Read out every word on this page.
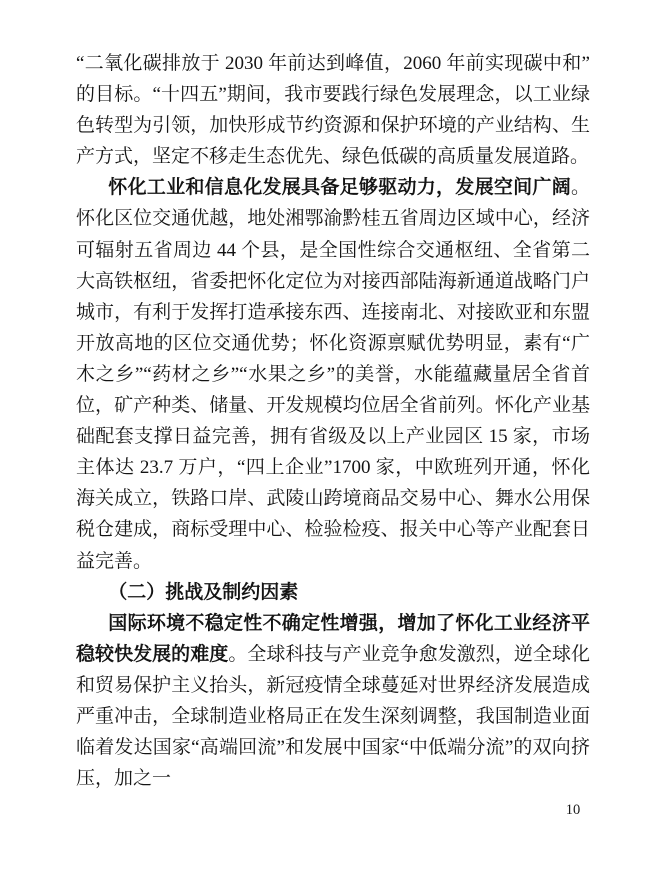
“二氧化碳排放于 2030 年前达到峰值，2060 年前实现碳中和”的目标。“十四五”期间，我市要践行绿色发展理念，以工业绿色转型为引领，加快形成节约资源和保护环境的产业结构、生产方式，坚定不移走生态优先、绿色低碳的高质量发展道路。

怀化工业和信息化发展具备足够驱动力，发展空间广阔。怀化区位交通优越，地处湘鄂渝黔桂五省周边区域中心，经济可辐射五省周边 44 个县，是全国性综合交通枢纽、全省第二大高铁枢纽，省委把怀化定位为对接西部陆海新通道战略门户城市，有利于发挥打造承接东西、连接南北、对接欧亚和东盟开放高地的区位交通优势；怀化资源禀赋优势明显，素有“广木之乡”“药材之乡”“水果之乡”的美誉，水能蕴藏量居全省首位，矿产种类、储量、开发规模均位居全省前列。怀化产业基础配套支撑日益完善，拥有省级及以上产业园区 15 家，市场主体达 23.7 万户，“四上企业”1700 家，中欧班列开通，怀化海关成立，铁路口岸、武陵山跨境商品交易中心、舞水公用保税仓建成，商标受理中心、检验检疫、报关中心等产业配套日益完善。

（二）挑战及制约因素

国际环境不稳定性不确定性增强，增加了怀化工业经济平稳较快发展的难度。全球科技与产业竞争愈发激烈，逆全球化和贸易保护主义抬头，新冠疫情全球蔓延对世界经济发展造成严重冲击，全球制造业格局正在发生深刻调整，我国制造业面临着发达国家“高端回流”和发展中国家“中低端分流”的双向挤压，加之一

10
